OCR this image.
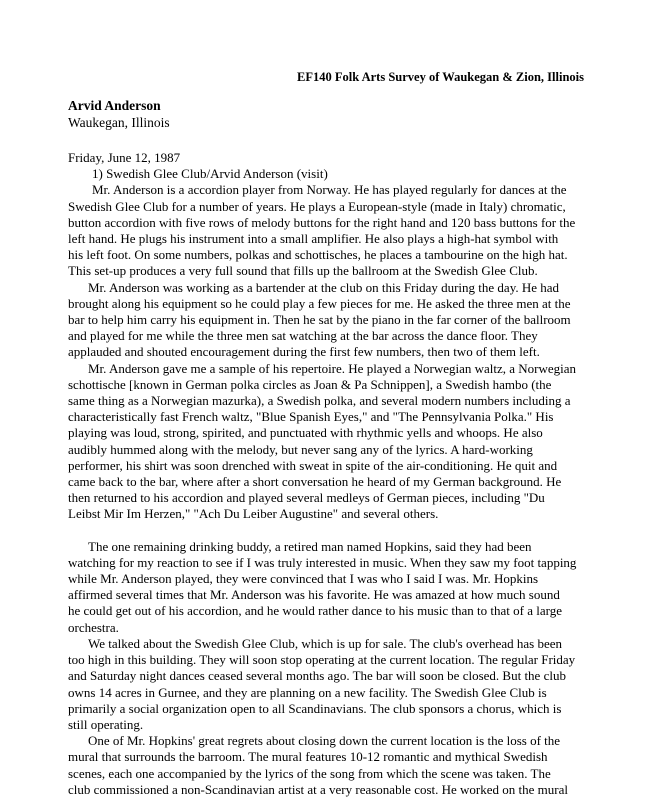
EF140 Folk Arts Survey of Waukegan & Zion, Illinois
Arvid Anderson
Waukegan, Illinois
Friday, June 12, 1987
1) Swedish Glee Club/Arvid Anderson (visit)
Mr. Anderson is a accordion player from Norway. He has played regularly for dances at the
Swedish Glee Club for a number of years. He plays a European-style (made in Italy) chromatic,
button accordion with five rows of melody buttons for the right hand and 120 bass buttons for the
left hand. He plugs his instrument into a small amplifier. He also plays a high-hat symbol with
his left foot. On some numbers, polkas and schottisches, he places a tambourine on the high hat.
This set-up produces a very full sound that fills up the ballroom at the Swedish Glee Club.
Mr. Anderson was working as a bartender at the club on this Friday during the day. He had
brought along his equipment so he could play a few pieces for me. He asked the three men at the
bar to help him carry his equipment in. Then he sat by the piano in the far corner of the ballroom
and played for me while the three men sat watching at the bar across the dance floor. They
applauded and shouted encouragement during the first few numbers, then two of them left.
Mr. Anderson gave me a sample of his repertoire. He played a Norwegian waltz, a Norwegian
schottische [known in German polka circles as Joan & Pa Schnippen], a Swedish hambo (the
same thing as a Norwegian mazurka), a Swedish polka, and several modern numbers including a
characteristically fast French waltz, "Blue Spanish Eyes," and "The Pennsylvania Polka." His
playing was loud, strong, spirited, and punctuated with rhythmic yells and whoops. He also
audibly hummed along with the melody, but never sang any of the lyrics. A hard-working
performer, his shirt was soon drenched with sweat in spite of the air-conditioning. He quit and
came back to the bar, where after a short conversation he heard of my German background. He
then returned to his accordion and played several medleys of German pieces, including "Du
Leibst Mir Im Herzen," "Ach Du Leiber Augustine" and several others.
The one remaining drinking buddy, a retired man named Hopkins, said they had been
watching for my reaction to see if I was truly interested in music. When they saw my foot tapping
while Mr. Anderson played, they were convinced that I was who I said I was. Mr. Hopkins
affirmed several times that Mr. Anderson was his favorite. He was amazed at how much sound
he could get out of his accordion, and he would rather dance to his music than to that of a large
orchestra.
We talked about the Swedish Glee Club, which is up for sale. The club's overhead has been
too high in this building. They will soon stop operating at the current location. The regular Friday
and Saturday night dances ceased several months ago. The bar will soon be closed. But the club
owns 14 acres in Gurnee, and they are planning on a new facility. The Swedish Glee Club is
primarily a social organization open to all Scandinavians. The club sponsors a chorus, which is
still operating.
One of Mr. Hopkins' great regrets about closing down the current location is the loss of the
mural that surrounds the barroom. The mural features 10-12 romantic and mythical Swedish
scenes, each one accompanied by the lyrics of the song from which the scene was taken. The
club commissioned a non-Scandinavian artist at a very reasonable cost. He worked on the mural
